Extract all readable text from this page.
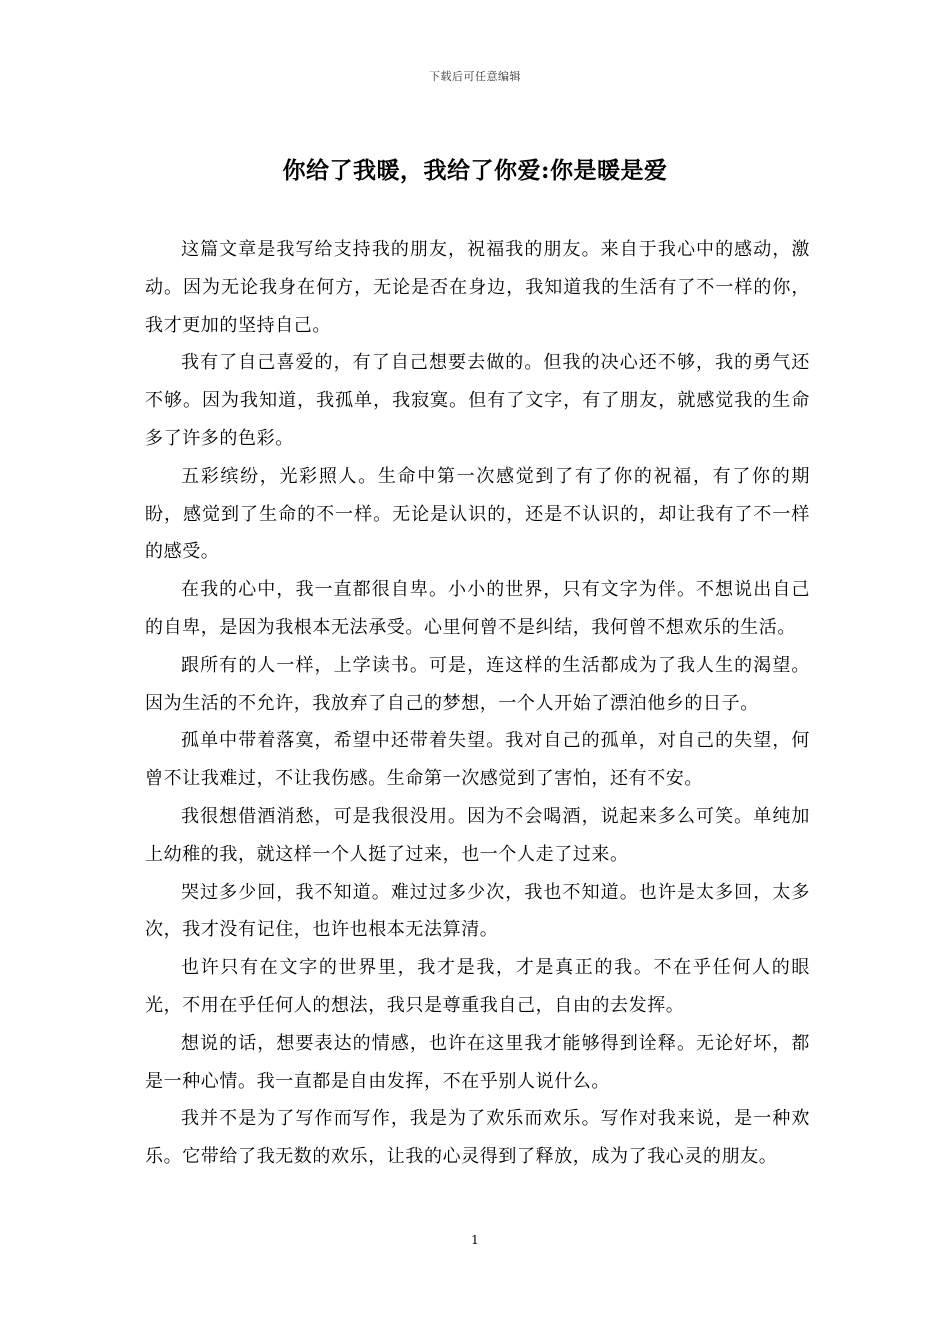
下载后可任意编辑
你给了我暖，我给了你爱:你是暖是爱

这篇文章是我写给支持我的朋友，祝福我的朋友。来自于我心中的感动，激动。因为无论我身在何方，无论是否在身边，我知道我的生活有了不一样的你，我才更加的坚持自己。

我有了自己喜爱的，有了自己想要去做的。但我的决心还不够，我的勇气还不够。因为我知道，我孤单，我寂寞。但有了文字，有了朋友，就感觉我的生命多了许多的色彩。

五彩缤纷，光彩照人。生命中第一次感觉到了有了你的祝福，有了你的期盼，感觉到了生命的不一样。无论是认识的，还是不认识的，却让我有了不一样的感受。

在我的心中，我一直都很自卑。小小的世界，只有文字为伴。不想说出自己的自卑，是因为我根本无法承受。心里何曾不是纠结，我何曾不想欢乐的生活。

跟所有的人一样，上学读书。可是，连这样的生活都成为了我人生的渴望。因为生活的不允许，我放弃了自己的梦想，一个人开始了漂泊他乡的日子。

孤单中带着落寞，希望中还带着失望。我对自己的孤单，对自己的失望，何曾不让我难过，不让我伤感。生命第一次感觉到了害怕，还有不安。

我很想借酒消愁，可是我很没用。因为不会喝酒，说起来多么可笑。单纯加上幼稚的我，就这样一个人挺了过来，也一个人走了过来。

哭过多少回，我不知道。难过过多少次，我也不知道。也许是太多回，太多次，我才没有记住，也许也根本无法算清。

也许只有在文字的世界里，我才是我，才是真正的我。不在乎任何人的眼光，不用在乎任何人的想法，我只是尊重我自己，自由的去发挥。

想说的话，想要表达的情感，也许在这里我才能够得到诠释。无论好坏，都是一种心情。我一直都是自由发挥，不在乎别人说什么。

我并不是为了写作而写作，我是为了欢乐而欢乐。写作对我来说，是一种欢乐。它带给了我无数的欢乐，让我的心灵得到了释放，成为了我心灵的朋友。

1
